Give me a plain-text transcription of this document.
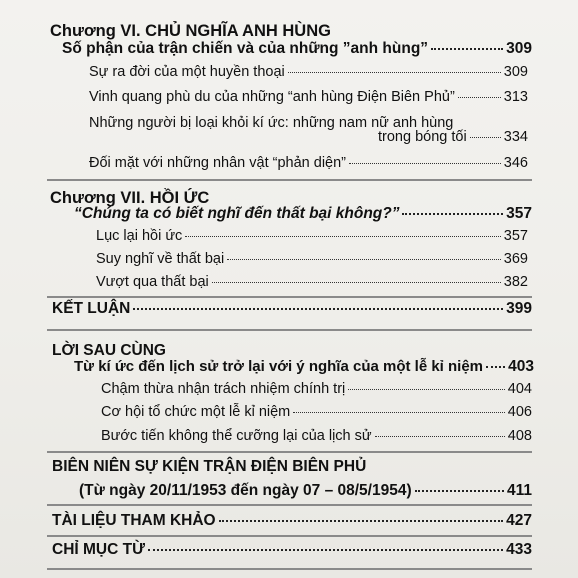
Chương VI. CHỦ NGHĨA ANH HÙNG
Số phận của trận chiến và của những ”anh hùng”	309
Sự ra đời của một huyền thoại	309
Vinh quang phù du của những “anh hùng Điện Biên Phủ”	313
Những người bị loại khỏi kí ức: những nam nữ anh hùng
trong bóng tối	334
Đối mặt với những nhân vật “phản diện”	346
Chương VII. HỒI ỨC
“Chúng ta có biết nghĩ đến thất bại không?”	357
Lục lại hồi ức	357
Suy nghĩ về thất bại	369
Vượt qua thất bại	382
KẾT LUẬN	399
LỜI SAU CÙNG
Từ kí ức đến lịch sử trở lại với ý nghĩa của một lễ kỉ niệm 403
Chậm thừa nhận trách nhiệm chính trị	404
Cơ hội tổ chức một lễ kỉ niệm	406
Bước tiến không thể cưỡng lại của lịch sử	408
BIÊN NIÊN SỰ KIỆN TRẬN ĐIỆN BIÊN PHỦ
(Từ ngày 20/11/1953 đến ngày 07 – 08/5/1954)	411
TÀI LIỆU THAM KHẢO	427
CHỈ MỤC TỪ	433
